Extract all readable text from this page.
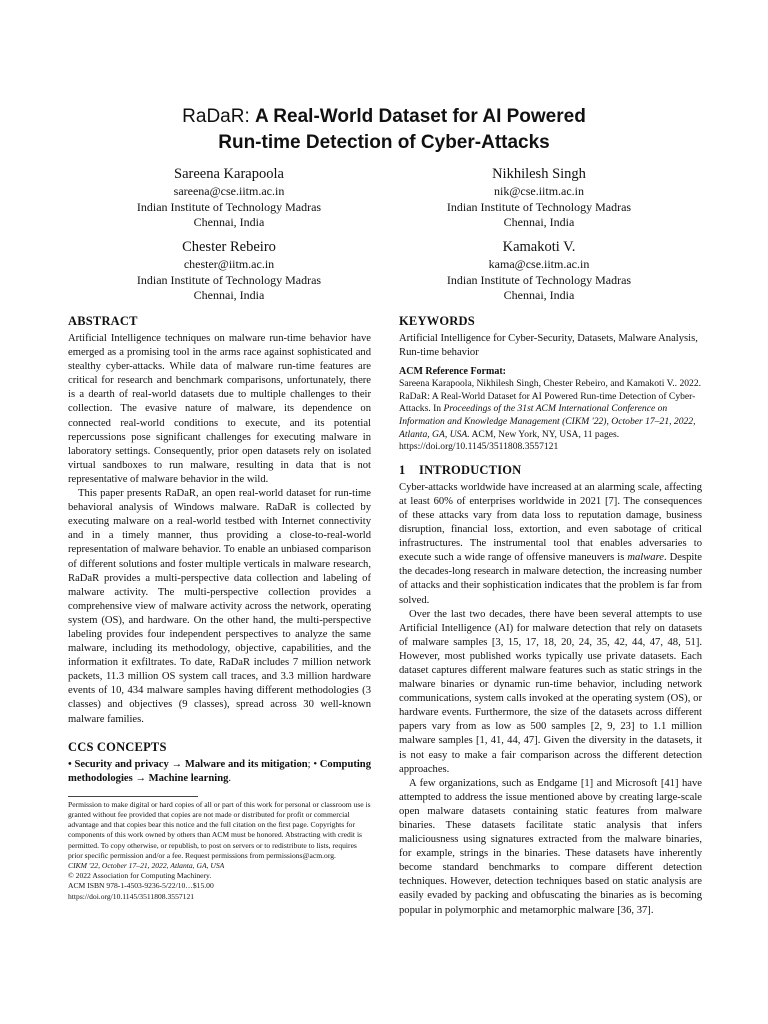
RaDaR: A Real-World Dataset for AI Powered
Run-time Detection of Cyber-Attacks
Sareena Karapoola
sareena@cse.iitm.ac.in
Indian Institute of Technology Madras
Chennai, India
Nikhilesh Singh
nik@cse.iitm.ac.in
Indian Institute of Technology Madras
Chennai, India
Chester Rebeiro
chester@iitm.ac.in
Indian Institute of Technology Madras
Chennai, India
Kamakoti V.
kama@cse.iitm.ac.in
Indian Institute of Technology Madras
Chennai, India
ABSTRACT

Artificial Intelligence techniques on malware run-time behavior have emerged as a promising tool in the arms race against sophisticated and stealthy cyber-attacks. While data of malware run-time features are critical for research and benchmark comparisons, unfortunately, there is a dearth of real-world datasets due to multiple challenges to their collection. The evasive nature of malware, its dependence on connected real-world conditions to execute, and its potential repercussions pose significant challenges for executing malware in laboratory settings. Consequently, prior open datasets rely on isolated virtual sandboxes to run malware, resulting in data that is not representative of malware behavior in the wild.

This paper presents RaDaR, an open real-world dataset for run-time behavioral analysis of Windows malware. RaDaR is collected by executing malware on a real-world testbed with Internet connectivity and in a timely manner, thus providing a close-to-real-world representation of malware behavior. To enable an unbiased comparison of different solutions and foster multiple verticals in malware research, RaDaR provides a multi-perspective data collection and labeling of malware activity. The multi-perspective collection provides a comprehensive view of malware activity across the network, operating system (OS), and hardware. On the other hand, the multi-perspective labeling provides four independent perspectives to analyze the same malware, including its methodology, objective, capabilities, and the information it exfiltrates. To date, RaDaR includes 7 million network packets, 11.3 million OS system call traces, and 3.3 million hardware events of 10, 434 malware samples having different methodologies (3 classes) and objectives (9 classes), spread across 30 well-known malware families.

CCS CONCEPTS

• Security and privacy → Malware and its mitigation; • Computing methodologies → Machine learning.

Permission to make digital or hard copies of all or part of this work for personal or classroom use is granted without fee provided that copies are not made or distributed for profit or commercial advantage and that copies bear this notice and the full citation on the first page. Copyrights for components of this work owned by others than ACM must be honored. Abstracting with credit is permitted. To copy otherwise, or republish, to post on servers or to redistribute to lists, requires prior specific permission and/or a fee. Request permissions from permissions@acm.org.

CIKM '22, October 17–21, 2022, Atlanta, GA, USA

© 2022 Association for Computing Machinery.

ACM ISBN 978-1-4503-9236-5/22/10…$15.00

https://doi.org/10.1145/3511808.3557121

KEYWORDS

Artificial Intelligence for Cyber-Security, Datasets, Malware Analysis, Run-time behavior

ACM Reference Format:

Sareena Karapoola, Nikhilesh Singh, Chester Rebeiro, and Kamakoti V.. 2022. RaDaR: A Real-World Dataset for AI Powered Run-time Detection of Cyber-Attacks. In Proceedings of the 31st ACM International Conference on Information and Knowledge Management (CIKM '22), October 17–21, 2022, Atlanta, GA, USA. ACM, New York, NY, USA, 11 pages. https://doi.org/10.1145/3511808.3557121

1 INTRODUCTION

Cyber-attacks worldwide have increased at an alarming scale, affecting at least 60% of enterprises worldwide in 2021 [7]. The consequences of these attacks vary from data loss to reputation damage, business disruption, financial loss, extortion, and even sabotage of critical infrastructures. The instrumental tool that enables adversaries to execute such a wide range of offensive maneuvers is malware. Despite the decades-long research in malware detection, the increasing number of attacks and their sophistication indicates that the problem is far from solved.

Over the last two decades, there have been several attempts to use Artificial Intelligence (AI) for malware detection that rely on datasets of malware samples [3, 15, 17, 18, 20, 24, 35, 42, 44, 47, 48, 51]. However, most published works typically use private datasets. Each dataset captures different malware features such as static strings in the malware binaries or dynamic run-time behavior, including network communications, system calls invoked at the operating system (OS), or hardware events. Furthermore, the size of the datasets across different papers vary from as low as 500 samples [2, 9, 23] to 1.1 million malware samples [1, 41, 44, 47]. Given the diversity in the datasets, it is not easy to make a fair comparison across the different detection approaches.

A few organizations, such as Endgame [1] and Microsoft [41] have attempted to address the issue mentioned above by creating large-scale open malware datasets containing static features from malware binaries. These datasets facilitate static analysis that infers maliciousness using signatures extracted from the malware binaries, for example, strings in the binaries. These datasets have inherently become standard benchmarks to compare different detection techniques. However, detection techniques based on static analysis are easily evaded by packing and obfuscating the binaries as is becoming popular in polymorphic and metamorphic malware [36, 37].
